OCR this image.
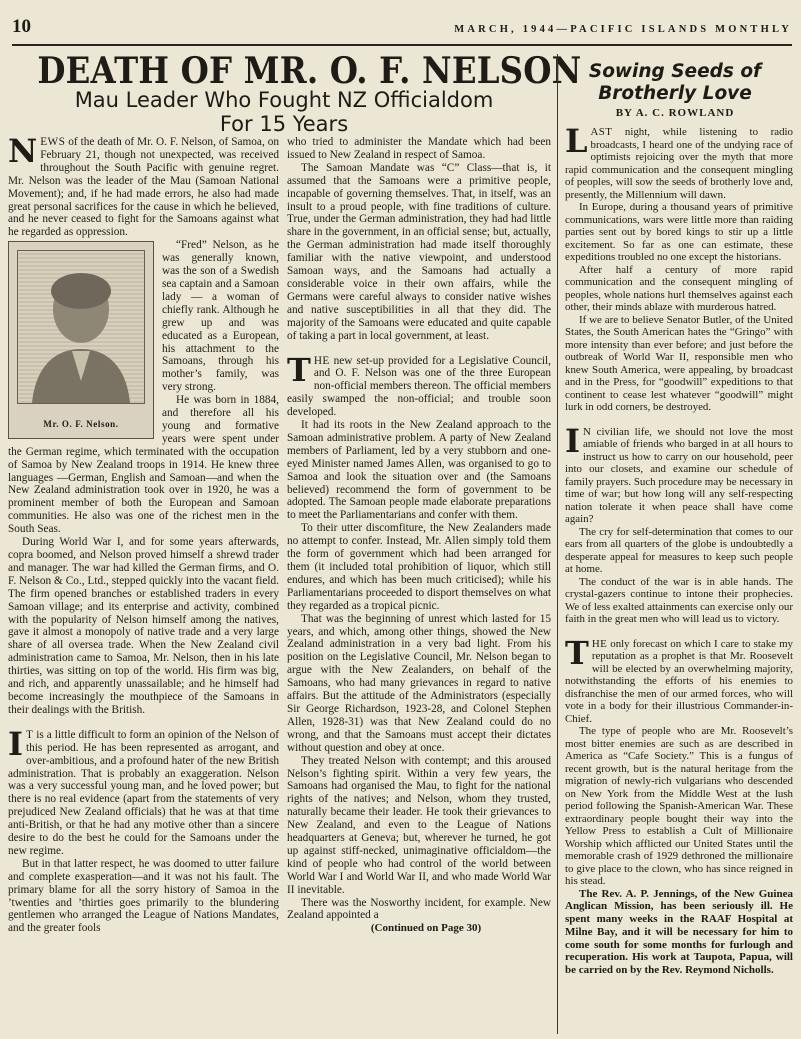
10	MARCH, 1944—PACIFIC ISLANDS MONTHLY
DEATH OF MR. O. F. NELSON
Mau Leader Who Fought NZ Officialdom
For 15 Years
Sowing Seeds of
Brotherly Love
BY A. C. ROWLAND

NEWS of the death of Mr. O. F. Nelson, of Samoa, on February 21, though not unexpected, was received throughout the South Pacific with genuine regret. Mr. Nelson was the leader of the Mau (Samoan National Movement); and, if he had made errors, he also had made great personal sacrifices for the cause in which he believed, and he never ceased to fight for the Samoans against what he regarded as oppression.

Mr. O. F. Nelson.

“Fred” Nelson, as he was generally known, was the son of a Swedish sea captain and a Samoan lady — a woman of chiefly rank. Although he grew up and was educated as a European, his attachment to the Samoans, through his mother’s family, was very strong.

He was born in 1884, and therefore all his young and formative years were spent under the German regime, which terminated with the occupation of Samoa by New Zealand troops in 1914. He knew three languages —German, English and Samoan—and when the New Zealand administration took over in 1920, he was a prominent member of both the European and Samoan communities. He also was one of the richest men in the South Seas.

During World War I, and for some years afterwards, copra boomed, and Nelson proved himself a shrewd trader and manager. The war had killed the German firms, and O. F. Nelson & Co., Ltd., stepped quickly into the vacant field. The firm opened branches or established traders in every Samoan village; and its enterprise and activity, combined with the popularity of Nelson himself among the natives, gave it almost a monopoly of native trade and a very large share of all oversea trade. When the New Zealand civil administration came to Samoa, Mr. Nelson, then in his late thirties, was sitting on top of the world. His firm was big, and rich, and apparently unassailable; and he himself had become increasingly the mouthpiece of the Samoans in their dealings with the British.

I T is a little difficult to form an opinion of the Nelson of this period. He has been represented as arrogant, and over-ambitious, and a profound hater of the new British administration. That is probably an exaggeration. Nelson was a very successful young man, and he loved power; but there is no real evidence (apart from the statements of very prejudiced New Zealand officials) that he was at that time anti-British, or that he had any motive other than a sincere desire to do the best he could for the Samoans under the new regime.

But in that latter respect, he was doomed to utter failure and complete exasperation—and it was not his fault. The primary blame for all the sorry history of Samoa in the ’twenties and ’thirties goes primarily to the blundering gentlemen who arranged the League of Nations Mandates, and the greater fools

who tried to administer the Mandate which had been issued to New Zealand in respect of Samoa.

The Samoan Mandate was “C” Class—that is, it assumed that the Samoans were a primitive people, incapable of governing themselves. That, in itself, was an insult to a proud people, with fine traditions of culture. True, under the German administration, they had had little share in the government, in an official sense; but, actually, the German administration had made itself thoroughly familiar with the native viewpoint, and understood Samoan ways, and the Samoans had actually a considerable voice in their own affairs, while the Germans were careful always to consider native wishes and native susceptibilities in all that they did. The majority of the Samoans were educated and quite capable of taking a part in local government, at least.

THE new set-up provided for a Legislative Council, and O. F. Nelson was one of the three European non-official members thereon. The official members easily swamped the non-official; and trouble soon developed.

It had its roots in the New Zealand approach to the Samoan administrative problem. A party of New Zealand members of Parliament, led by a very stubborn and one-eyed Minister named James Allen, was organised to go to Samoa and look the situation over and (the Samoans believed) recommend the form of government to be adopted. The Samoan people made elaborate preparations to meet the Parliamentarians and confer with them.

To their utter discomfiture, the New Zealanders made no attempt to confer. Instead, Mr. Allen simply told them the form of government which had been arranged for them (it included total prohibition of liquor, which still endures, and which has been much criticised); while his Parliamentarians proceeded to disport themselves on what they regarded as a tropical picnic.

That was the beginning of unrest which lasted for 15 years, and which, among other things, showed the New Zealand administration in a very bad light. From his position on the Legislative Council, Mr. Nelson began to argue with the New Zealanders, on behalf of the Samoans, who had many grievances in regard to native affairs. But the attitude of the Administrators (especially Sir George Richardson, 1923-28, and Colonel Stephen Allen, 1928-31) was that New Zealand could do no wrong, and that the Samoans must accept their dictates without question and obey at once.

They treated Nelson with contempt; and this aroused Nelson’s fighting spirit. Within a very few years, the Samoans had organised the Mau, to fight for the national rights of the natives; and Nelson, whom they trusted, naturally became their leader. He took their grievances to New Zealand, and even to the League of Nations headquarters at Geneva; but, wherever he turned, he got up against stiff-necked, unimaginative officialdom—the kind of people who had control of the world between World War I and World War II, and who made World War II inevitable.

There was the Nosworthy incident, for example. New Zealand appointed a

(Continued on Page 30)

LAST night, while listening to radio broadcasts, I heard one of the undying race of optimists rejoicing over the myth that more rapid communication and the consequent mingling of peoples, will sow the seeds of brotherly love and, presently, the Millennium will dawn.

In Europe, during a thousand years of primitive communications, wars were little more than raiding parties sent out by bored kings to stir up a little excitement. So far as one can estimate, these expeditions troubled no one except the historians.

After half a century of more rapid communication and the consequent mingling of peoples, whole nations hurl themselves against each other, their minds ablaze with murderous hatred.

If we are to believe Senator Butler, of the United States, the South American hates the “Gringo” with more intensity than ever before; and just before the outbreak of World War II, responsible men who knew South America, were appealing, by broadcast and in the Press, for “goodwill” expeditions to that continent to cease lest whatever “goodwill” might lurk in odd corners, be destroyed.

I N civilian life, we should not love the most amiable of friends who barged in at all hours to instruct us how to carry on our household, peer into our closets, and examine our schedule of family prayers. Such procedure may be necessary in time of war; but how long will any self-respecting nation tolerate it when peace shall have come again?

The cry for self-determination that comes to our ears from all quarters of the globe is undoubtedly a desperate appeal for measures to keep such people at home.

The conduct of the war is in able hands. The crystal-gazers continue to intone their prophecies. We of less exalted attainments can exercise only our faith in the great men who will lead us to victory.

THE only forecast on which I care to stake my reputation as a prophet is that Mr. Roosevelt will be elected by an overwhelming majority, notwithstanding the efforts of his enemies to disfranchise the men of our armed forces, who will vote in a body for their illustrious Commander-in-Chief.

The type of people who are Mr. Roosevelt’s most bitter enemies are such as are described in America as “Cafe Society.” This is a fungus of recent growth, but is the natural heritage from the migration of newly-rich vulgarians who descended on New York from the Middle West at the lush period following the Spanish-American War. These extraordinary people bought their way into the Yellow Press to establish a Cult of Millionaire Worship which afflicted our United States until the memorable crash of 1929 dethroned the millionaire to give place to the clown, who has since reigned in his stead.

The Rev. A. P. Jennings, of the New Guinea Anglican Mission, has been seriously ill. He spent many weeks in the RAAF Hospital at Milne Bay, and it will be necessary for him to come south for some months for furlough and recuperation. His work at Taupota, Papua, will be carried on by the Rev. Reymond Nicholls.
